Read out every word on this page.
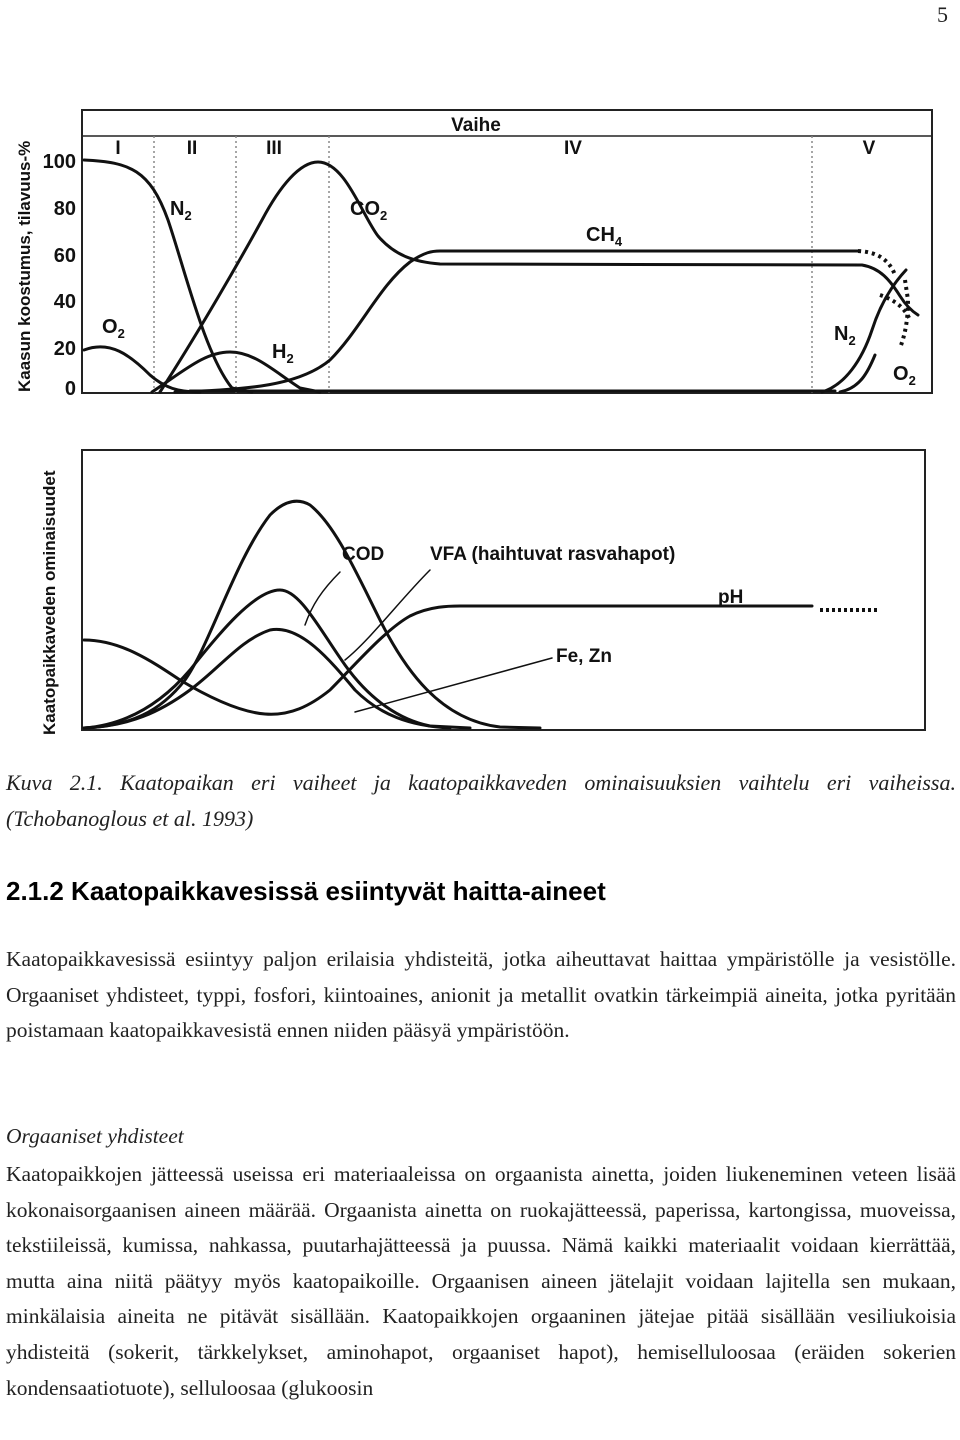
5
Kaasun koostumus, tilavuus-% 100
80
60
40
20
0
Vaihe
I	II	III	IV	V
$N_2$	$CO_2$
$CH_4$
$O_2$
$H_2$
$N_2$
$O_2$
Kaatopaikkaveden ominaisuudet	COD VFA (haihtuvat rasvahapot)
pH
Fe, Zn
Kuva 2.1. Kaatopaikan eri vaiheet ja kaatopaikkaveden ominaisuuksien vaihtelu eri vaiheissa. (Tchobanoglous et al. 1993)
2.1.2 Kaatopaikkavesissä esiintyvät haitta-aineet

Kaatopaikkavesissä esiintyy paljon erilaisia yhdisteitä, jotka aiheuttavat haittaa ympäristölle ja vesistölle. Orgaaniset yhdisteet, typpi, fosfori, kiintoaines, anionit ja metallit ovatkin tärkeimpiä aineita, jotka pyritään poistamaan kaatopaikkavesistä ennen niiden pääsyä ympäristöön.

Orgaaniset yhdisteet

Kaatopaikkojen jätteessä useissa eri materiaaleissa on orgaanista ainetta, joiden liukeneminen veteen lisää kokonaisorgaanisen aineen määrää. Orgaanista ainetta on ruokajätteessä, paperissa, kartongissa, muoveissa, tekstiileissä, kumissa, nahkassa, puutarhajätteessä ja puussa. Nämä kaikki materiaalit voidaan kierrättää, mutta aina niitä päätyy myös kaatopaikoille. Orgaanisen aineen jätelajit voidaan lajitella sen mukaan, minkälaisia aineita ne pitävät sisällään. Kaatopaikkojen orgaaninen jätejae pitää sisällään vesiliukoisia yhdisteitä (sokerit, tärkkelykset, aminohapot, orgaaniset hapot), hemiselluloosaa (eräiden sokerien kondensaatiotuote), selluloosaa (glukoosin
